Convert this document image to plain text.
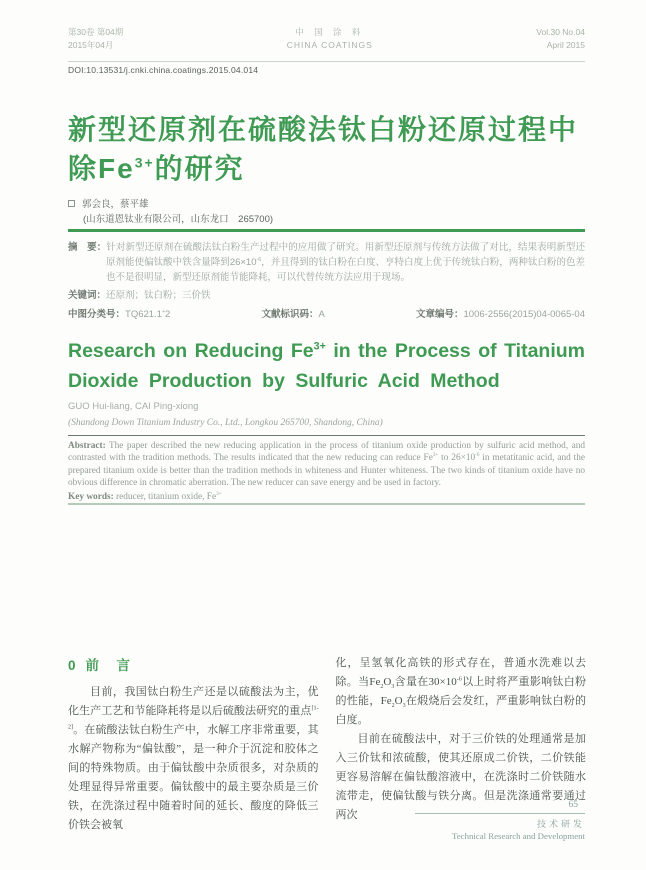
第30卷 第04期
2015年04月
中 国 涂 料
CHINA COATINGS
Vol.30 No.04
April 2015
DOI:10.13531/j.cnki.china.coatings.2015.04.014
新型还原剂在硫酸法钛白粉还原过程中
除$Fe^{3+}$的研究
郭会良，蔡平雄
(山东道恩钛业有限公司，山东龙口　265700)
摘　要：针对新型还原剂在硫酸法钛白粉生产过程中的应用做了研究。用新型还原剂与传统方法做了对比，结果表明新型还原剂能使偏钛酸中铁含量降到$26\times 10^{-6}$，并且得到的钛白粉在白度、亨特白度上优于传统钛白粉，两种钛白粉的色差也不是很明显，新型还原剂能节能降耗，可以代替传统方法应用于现场。
关键词：还原剂；钛白粉；三价铁
中图分类号：TQ621.1+2	文献标识码：A	文章编号：1006-2556(2015)04-0065-04
Research on Reducing $Fe^{3+}$ in the Process of Titanium
Dioxide Production by Sulfuric Acid Method
GUO Hui-liang, CAI Ping-xiong
(Shandong Down Titanium Industry Co., Ltd., Longkou 265700, Shandong, China)
Abstract: The paper described the new reducing application in the process of titanium oxide production by sulfuric acid method, and contrasted with the tradition methods. The results indicated that the new reducing can reduce $Fe^{3+}$ to $26\times 10^{-6}$ in metatitanic acid, and the prepared titanium oxide is better than the tradition methods in whiteness and Hunter whiteness. The two kinds of titanium oxide have no obvious difference in chromatic aberration. The new reducer can save energy and be used in factory.
Key words: reducer, titanium oxide, $Fe^{3+}$
0 前　言

目前，我国钛白粉生产还是以硫酸法为主，优化生产工艺和节能降耗将是以后硫酸法研究的重点[1-2]。在硫酸法钛白粉生产中，水解工序非常重要，其水解产物称为“偏钛酸”，是一种介于沉淀和胶体之间的特殊物质。由于偏钛酸中杂质很多，对杂质的处理显得异常重要。偏钛酸中的最主要杂质是三价铁，在洗涤过程中随着时间的延长、酸度的降低三价铁会被氧

化，呈氢氧化高铁的形式存在，普通水洗难以去除。当$Fe_2O_3$含量在$30\times 10^{-6}$以上时将严重影响钛白粉的性能，$Fe_2O_3$在煅烧后会发红，严重影响钛白粉的白度。

目前在硫酸法中，对于三价铁的处理通常是加入三价钛和浓硫酸，使其还原成二价铁，二价铁能更容易溶解在偏钛酸溶液中，在洗涤时二价铁随水流带走，使偏钛酸与铁分离。但是洗涤通常要通过两次

65
技术研发
Technical Research and Development
